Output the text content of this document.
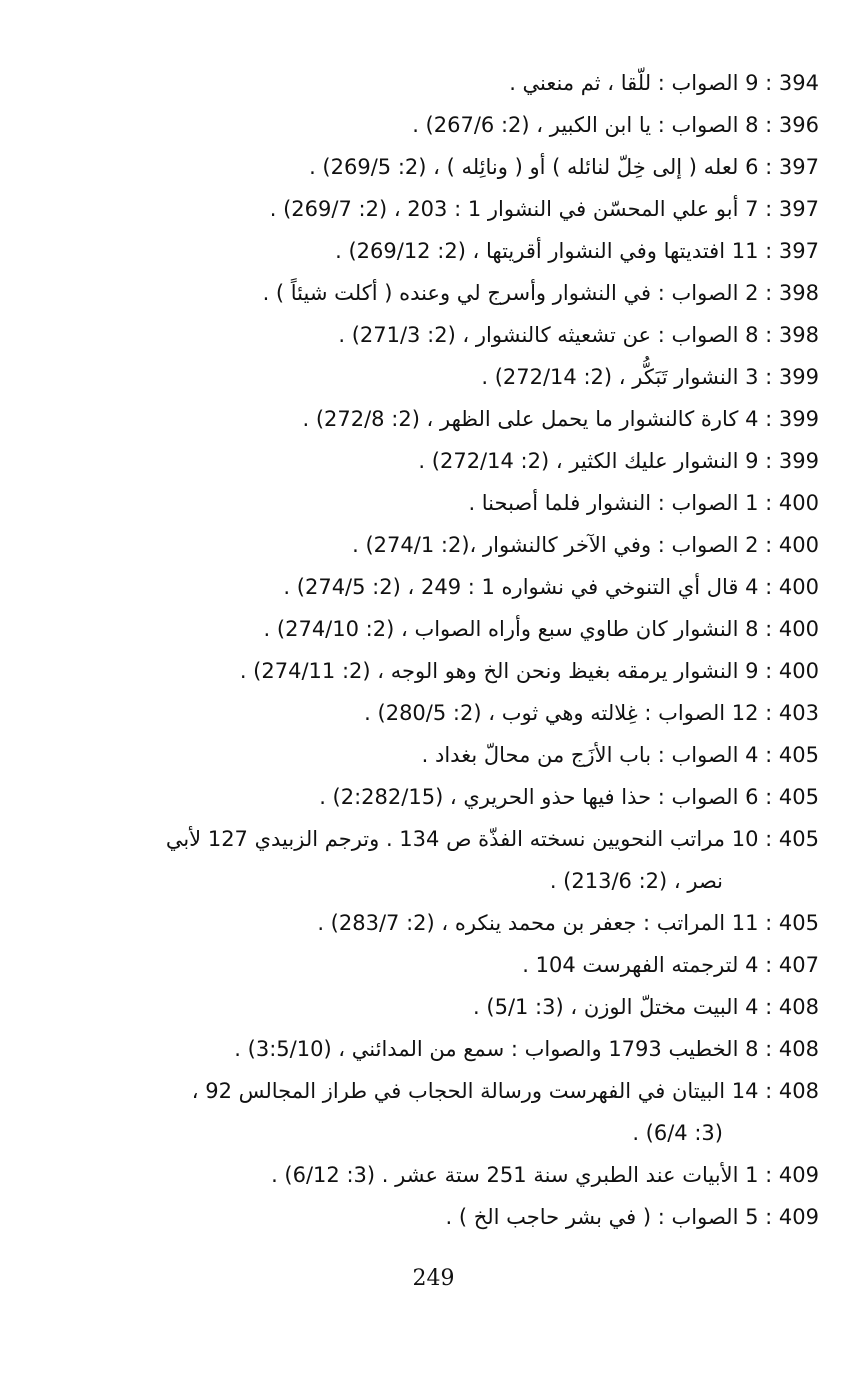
394 : 9 الصواب : للّقا ، ثم منعني .
396 : 8 الصواب : يا ابن الكبير ، (2: 267/6) .
397 : 6 لعله ( إلى خِلّ لنائله ) أو ( ونائِله ) ، (2: 269/5) .
397 : 7 أبو علي المحسّن في النشوار 1 : 203 ، (2: 269/7) .
397 : 11 افتديتها وفي النشوار أقريتها ، (2: 269/12) .
398 : 2 الصواب : في النشوار وأسرج لي وعنده ( أكلت شيئاً ) .
398 : 8 الصواب : عن تشعيثه كالنشوار ، (2: 271/3) .
399 : 3 النشوار تَبَكُّر ، (2: 272/14) .
399 : 4 كارة كالنشوار ما يحمل على الظهر ، (2: 272/8) .
399 : 9 النشوار عليك الكثير ، (2: 272/14) .
400 : 1 الصواب : النشوار فلما أصبحنا .
400 : 2 الصواب : وفي الآخر كالنشوار ،(2: 274/1) .
400 : 4 قال أي التنوخي في نشواره 1 : 249 ، (2: 274/5) .
400 : 8 النشوار كان طاوي سبع وأراه الصواب ، (2: 274/10) .
400 : 9 النشوار يرمقه بغيظ ونحن الخ وهو الوجه ، (2: 274/11) .
403 : 12 الصواب : غِلالته وهي ثوب ، (2: 280/5) .
405 : 4 الصواب : باب الأزَج من محالّ بغداد .
405 : 6 الصواب : حذا فيها حذو الحريري ، (2:282/15) .
405 : 10 مراتب النحويين نسخته الفذّة ص 134 . وترجم الزبيدي 127 لأبي
نصر ، (2: 213/6) .
405 : 11 المراتب : جعفر بن محمد ينكره ، (2: 283/7) .
407 : 4 لترجمته الفهرست 104 .
408 : 4 البيت مختلّ الوزن ، (3: 5/1) .
408 : 8 الخطيب 1793 والصواب : سمع من المدائني ، (3:5/10) .
408 : 14 البيتان في الفهرست ورسالة الحجاب في طراز المجالس 92 ،
(3: 6/4) .
409 : 1 الأبيات عند الطبري سنة 251 ستة عشر . (3: 6/12) .
409 : 5 الصواب : ( في بشر حاجب الخ ) .
249
